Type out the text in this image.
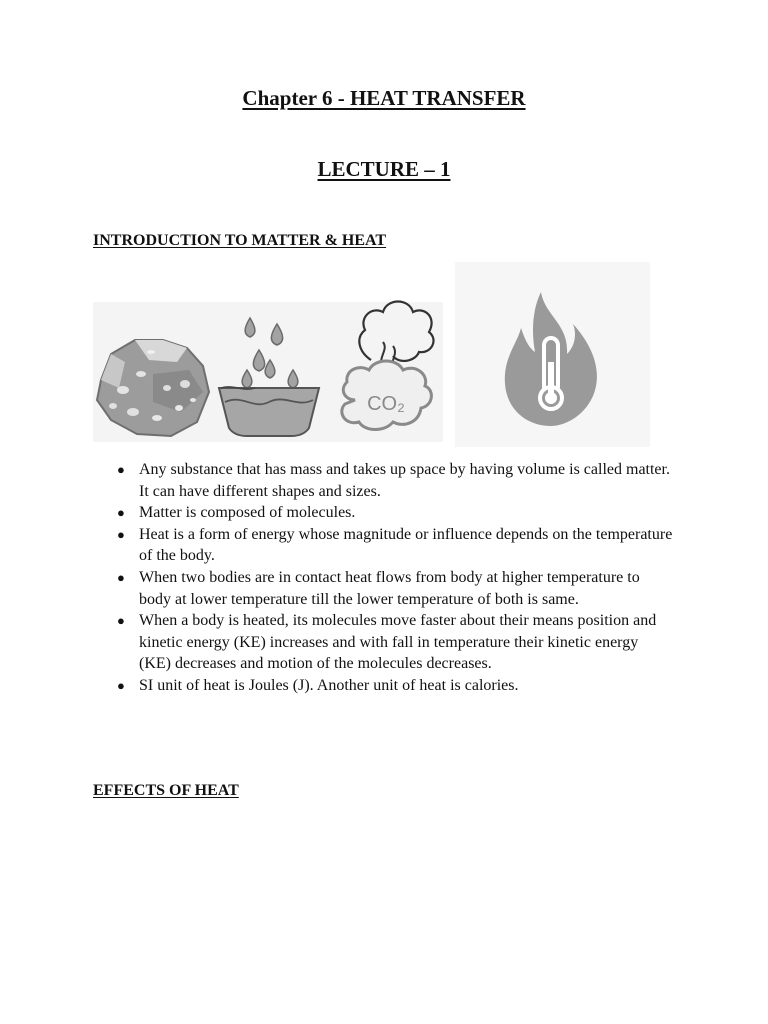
Chapter 6 - HEAT TRANSFER
LECTURE – 1
INTRODUCTION TO MATTER & HEAT
CO₂
● Any substance that has mass and takes up space by having volume is called matter. It can have different shapes and sizes.
● Matter is composed of molecules.
● Heat is a form of energy whose magnitude or influence depends on the temperature of the body.
● When two bodies are in contact heat flows from body at higher temperature to body at lower temperature till the lower temperature of both is same.
● When a body is heated, its molecules move faster about their means position and kinetic energy (KE) increases and with fall in temperature their kinetic energy (KE) decreases and motion of the molecules decreases.
● SI unit of heat is Joules (J). Another unit of heat is calories.
EFFECTS OF HEAT
